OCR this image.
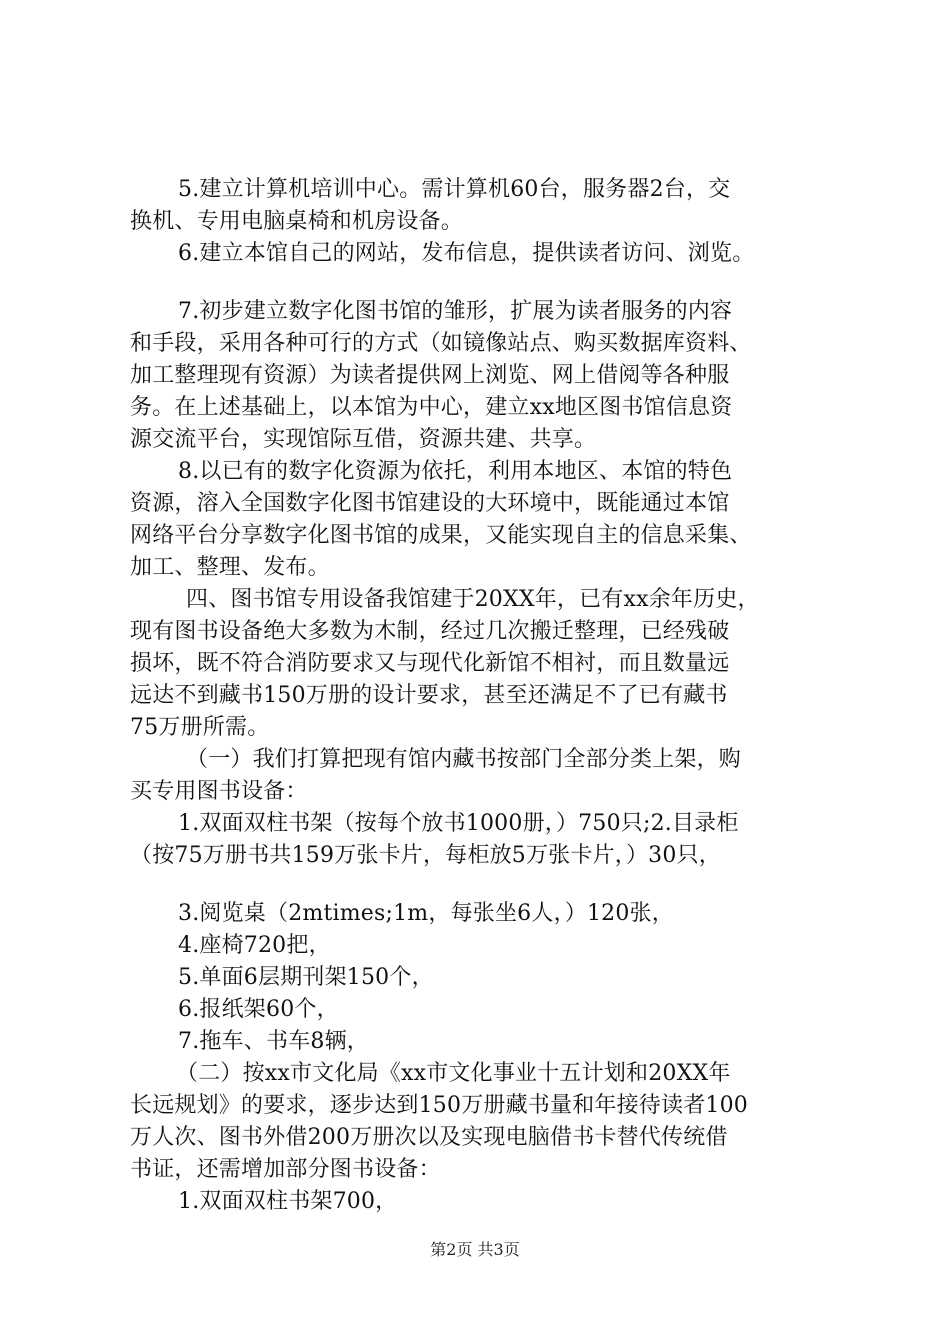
5.建立计算机培训中心。需计算机60台，服务器2台，交
换机、专用电脑桌椅和机房设备。
6.建立本馆自己的网站，发布信息，提供读者访问、浏览。
7.初步建立数字化图书馆的雏形，扩展为读者服务的内容
和手段，采用各种可行的方式（如镜像站点、购买数据库资料、
加工整理现有资源）为读者提供网上浏览、网上借阅等各种服
务。在上述基础上，以本馆为中心，建立xx地区图书馆信息资
源交流平台，实现馆际互借，资源共建、共享。
8.以已有的数字化资源为依托，利用本地区、本馆的特色
资源，溶入全国数字化图书馆建设的大环境中，既能通过本馆
网络平台分享数字化图书馆的成果，又能实现自主的信息采集、
加工、整理、发布。
四、图书馆专用设备我馆建于20XX年，已有xx余年历史，
现有图书设备绝大多数为木制，经过几次搬迁整理，已经残破
损坏，既不符合消防要求又与现代化新馆不相衬，而且数量远
远达不到藏书150万册的设计要求，甚至还满足不了已有藏书
75万册所需。
（一）我们打算把现有馆内藏书按部门全部分类上架，购
买专用图书设备：
1.双面双柱书架（按每个放书1000册，）750只;2.目录柜
（按75万册书共159万张卡片，每柜放5万张卡片，）30只，
3.阅览桌（2mtimes;1m，每张坐6人，）120张，
4.座椅720把，
5.单面6层期刊架150个，
6.报纸架60个，
7.拖车、书车8辆，
（二）按xx市文化局《xx市文化事业十五计划和20XX年
长远规划》的要求，逐步达到150万册藏书量和年接待读者100
万人次、图书外借200万册次以及实现电脑借书卡替代传统借
书证，还需增加部分图书设备：
1.双面双柱书架700，
第2页 共3页
